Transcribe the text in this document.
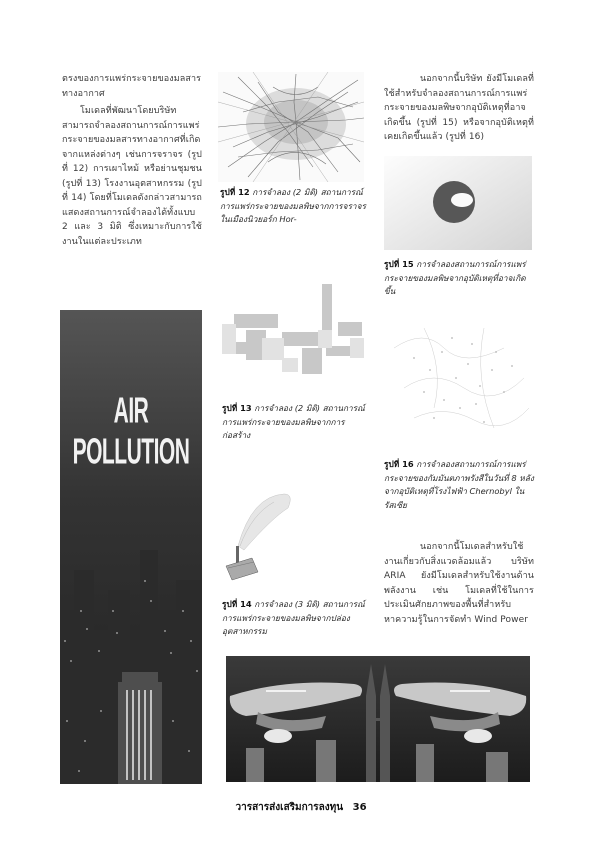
ตรงของการแพร่กระจายของมลสารทางอากาศ
โมเดลที่พัฒนาโดยบริษัท สามารถจำลองสถานการณ์การแพร่กระจายของมลสารทางอากาศที่เกิดจากแหล่งต่างๆ เช่นการจราจร (รูปที่ 12) การเผาไหม้ หรือย่านชุมชน (รูปที่ 13) โรงงานอุตสาหกรรม (รูปที่ 14) โดยที่โมเดลดังกล่าวสามารถแสดงสถานการณ์จำลองได้ทั้งแบบ 2 และ 3 มิติ ซึ่งเหมาะกับการใช้งานในแต่ละประเภท
AIR POLLUTION
รูปที่ 12 การจำลอง (2 มิติ) สถานการณ์การแพร่กระจายของมลพิษจากการจราจร ในเมืองนิวยอร์ก Hor-
รูปที่ 13 การจำลอง (2 มิติ) สถานการณ์การแพร่กระจายของมลพิษจากการก่อสร้าง
รูปที่ 14 การจำลอง (3 มิติ) สถานการณ์การแพร่กระจายของมลพิษจากปล่องอุตสาหกรรม
นอกจากนี้บริษัท ยังมีโมเดลที่ใช้สำหรับจำลองสถานการณ์การแพร่กระจายของมลพิษจากอุบัติเหตุที่อาจเกิดขึ้น (รูปที่ 15) หรือจากอุบัติเหตุที่เคยเกิดขึ้นแล้ว (รูปที่ 16)
รูปที่ 15 การจำลองสถานการณ์การแพร่กระจายของมลพิษจากอุบัติเหตุที่อาจเกิดขึ้น
รูปที่ 16 การจำลองสถานการณ์การแพร่กระจายของกัมมันตภาพรังสีในวันที่ 8 หลังจากอุบัติเหตุที่โรงไฟฟ้า Chernobyl ในรัสเซีย
นอกจากนี้โมเดลสำหรับใช้งานเกี่ยวกับสิ่งแวดล้อมแล้ว บริษัท ARIA ยังมีโมเดลสำหรับใช้งานด้านพลังงาน เช่น โมเดลที่ใช้ในการประเมินศักยภาพของพื้นที่สำหรับหาความรู้ในการจัดทำ Wind Power
วารสารส่งเสริมการลงทุน 36
